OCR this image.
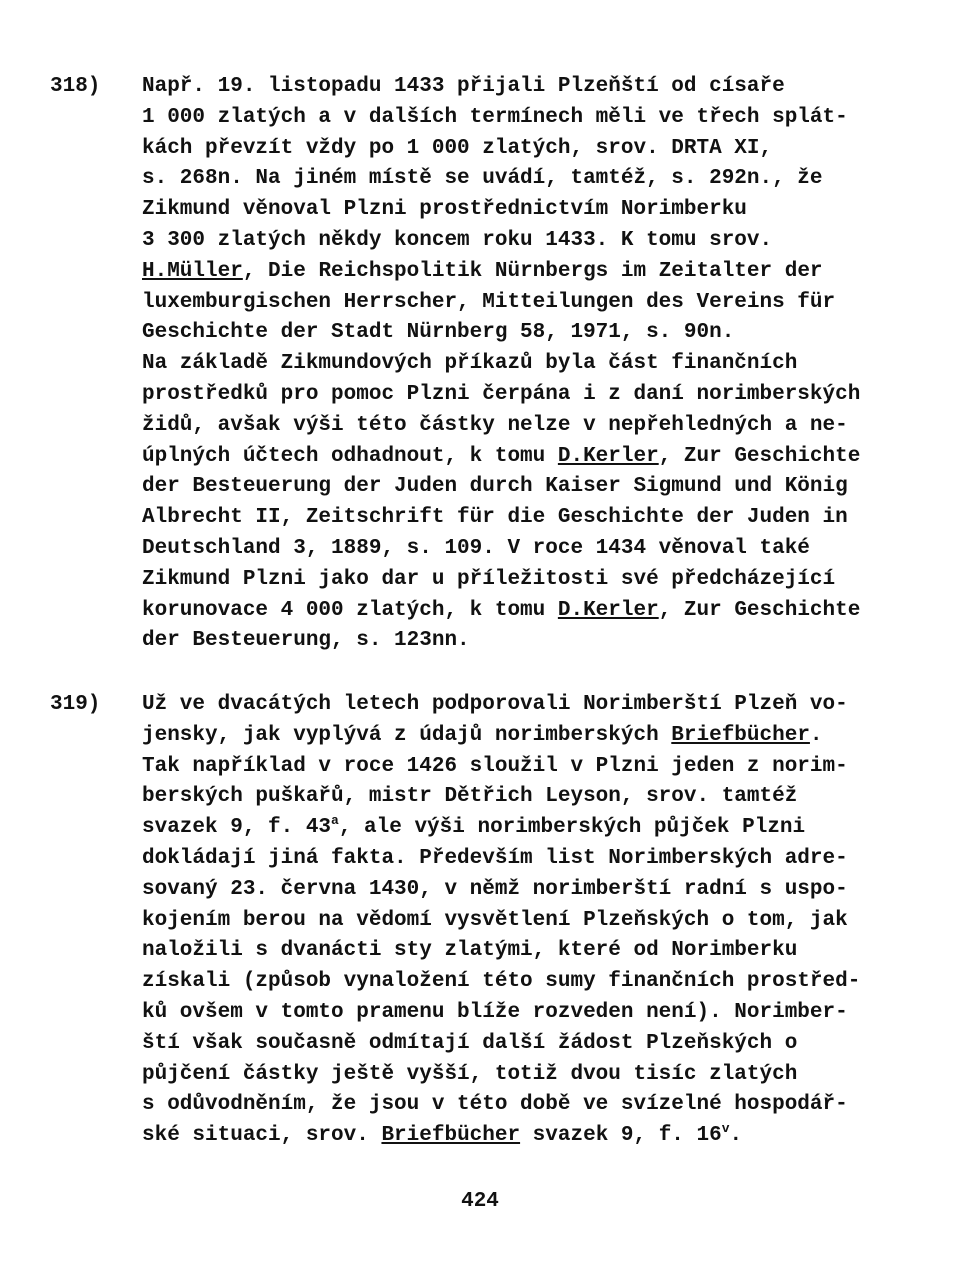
318) Např. 19. listopadu 1433 přijali Plzeňští od císaře
1 000 zlatých a v dalších termínech měli ve třech splát-
kách převzít vždy po 1 000 zlatých, srov. DRTA XI,
s. 268n. Na jiném místě se uvádí, tamtéž, s. 292n., že
Zikmund věnoval Plzni prostřednictvím Norimberku
3 300 zlatých někdy koncem roku 1433. K tomu srov.
H.Müller, Die Reichspolitik Nürnbergs im Zeitalter der
luxemburgischen Herrscher, Mitteilungen des Vereins für
Geschichte der Stadt Nürnberg 58, 1971, s. 90n.
Na základě Zikmundových příkazů byla část finančních
prostředků pro pomoc Plzni čerpána i z daní norimberských
židů, avšak výši této částky nelze v nepřehledných a ne-
úplných účtech odhadnout, k tomu D.Kerler, Zur Geschichte
der Besteuerung der Juden durch Kaiser Sigmund und König
Albrecht II, Zeitschrift für die Geschichte der Juden in
Deutschland 3, 1889, s. 109. V roce 1434 věnoval také
Zikmund Plzni jako dar u příležitosti své předcházející
korunovace 4 000 zlatých, k tomu D.Kerler, Zur Geschichte
der Besteuerung, s. 123nn.
319) Už ve dvacátých letech podporovali Norimberští Plzeň vo-
jensky, jak vyplývá z údajů norimberských Briefbücher.
Tak například v roce 1426 sloužil v Plzni jeden z norim-
berských puškařů, mistr Dětřich Leyson, srov. tamtéž
svazek 9, f. 43$^a$, ale výši norimberských půjček Plzni
dokládají jiná fakta. Především list Norimberských adre-
sovaný 23. června 1430, v němž norimberští radní s uspo-
kojením berou na vědomí vysvětlení Plzeňských o tom, jak
naložili s dvanácti sty zlatými, které od Norimberku
získali (způsob vynaložení této sumy finančních prostřed-
ků ovšem v tomto pramenu blíže rozveden není). Norimber-
ští však současně odmítají další žádost Plzeňských o
půjčení částky ještě vyšší, totiž dvou tisíc zlatých
s odůvodněním, že jsou v této době ve svízelné hospodář-
ské situaci, srov. Briefbücher svazek 9, f. 16$^v$.
424
